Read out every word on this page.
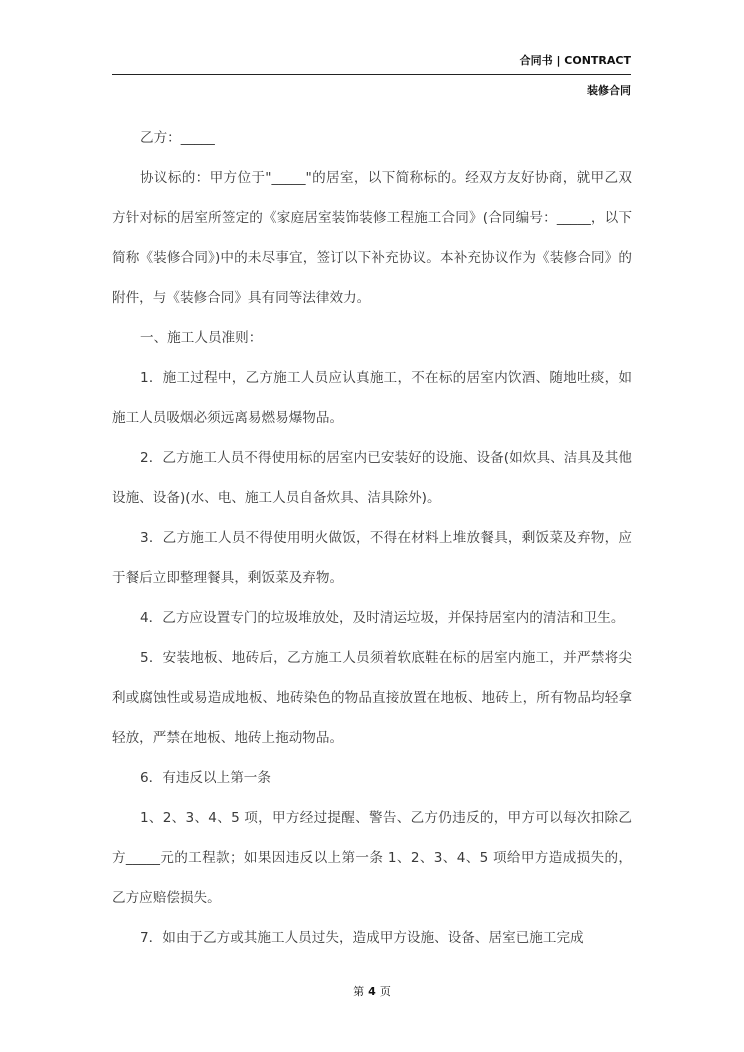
合同书 | CONTRACT
装修合同

乙方：_____

协议标的：甲方位于"_____"的居室，以下简称标的。经双方友好协商，就甲乙双方针对标的居室所签定的《家庭居室装饰装修工程施工合同》(合同编号：_____，以下简称《装修合同》)中的未尽事宜，签订以下补充协议。本补充协议作为《装修合同》的附件，与《装修合同》具有同等法律效力。

一、施工人员准则：

1．施工过程中，乙方施工人员应认真施工，不在标的居室内饮酒、随地吐痰，如施工人员吸烟必须远离易燃易爆物品。

2．乙方施工人员不得使用标的居室内已安装好的设施、设备(如炊具、洁具及其他设施、设备)(水、电、施工人员自备炊具、洁具除外)。

3．乙方施工人员不得使用明火做饭，不得在材料上堆放餐具，剩饭菜及弃物，应于餐后立即整理餐具，剩饭菜及弃物。

4．乙方应设置专门的垃圾堆放处，及时清运垃圾，并保持居室内的清洁和卫生。

5．安装地板、地砖后，乙方施工人员须着软底鞋在标的居室内施工，并严禁将尖利或腐蚀性或易造成地板、地砖染色的物品直接放置在地板、地砖上，所有物品均轻拿轻放，严禁在地板、地砖上拖动物品。

6．有违反以上第一条

1、2、3、4、5 项，甲方经过提醒、警告、乙方仍违反的，甲方可以每次扣除乙方_____元的工程款；如果因违反以上第一条 1、2、3、4、5 项给甲方造成损失的，乙方应赔偿损失。

7．如由于乙方或其施工人员过失，造成甲方设施、设备、居室已施工完成

第 4 页
